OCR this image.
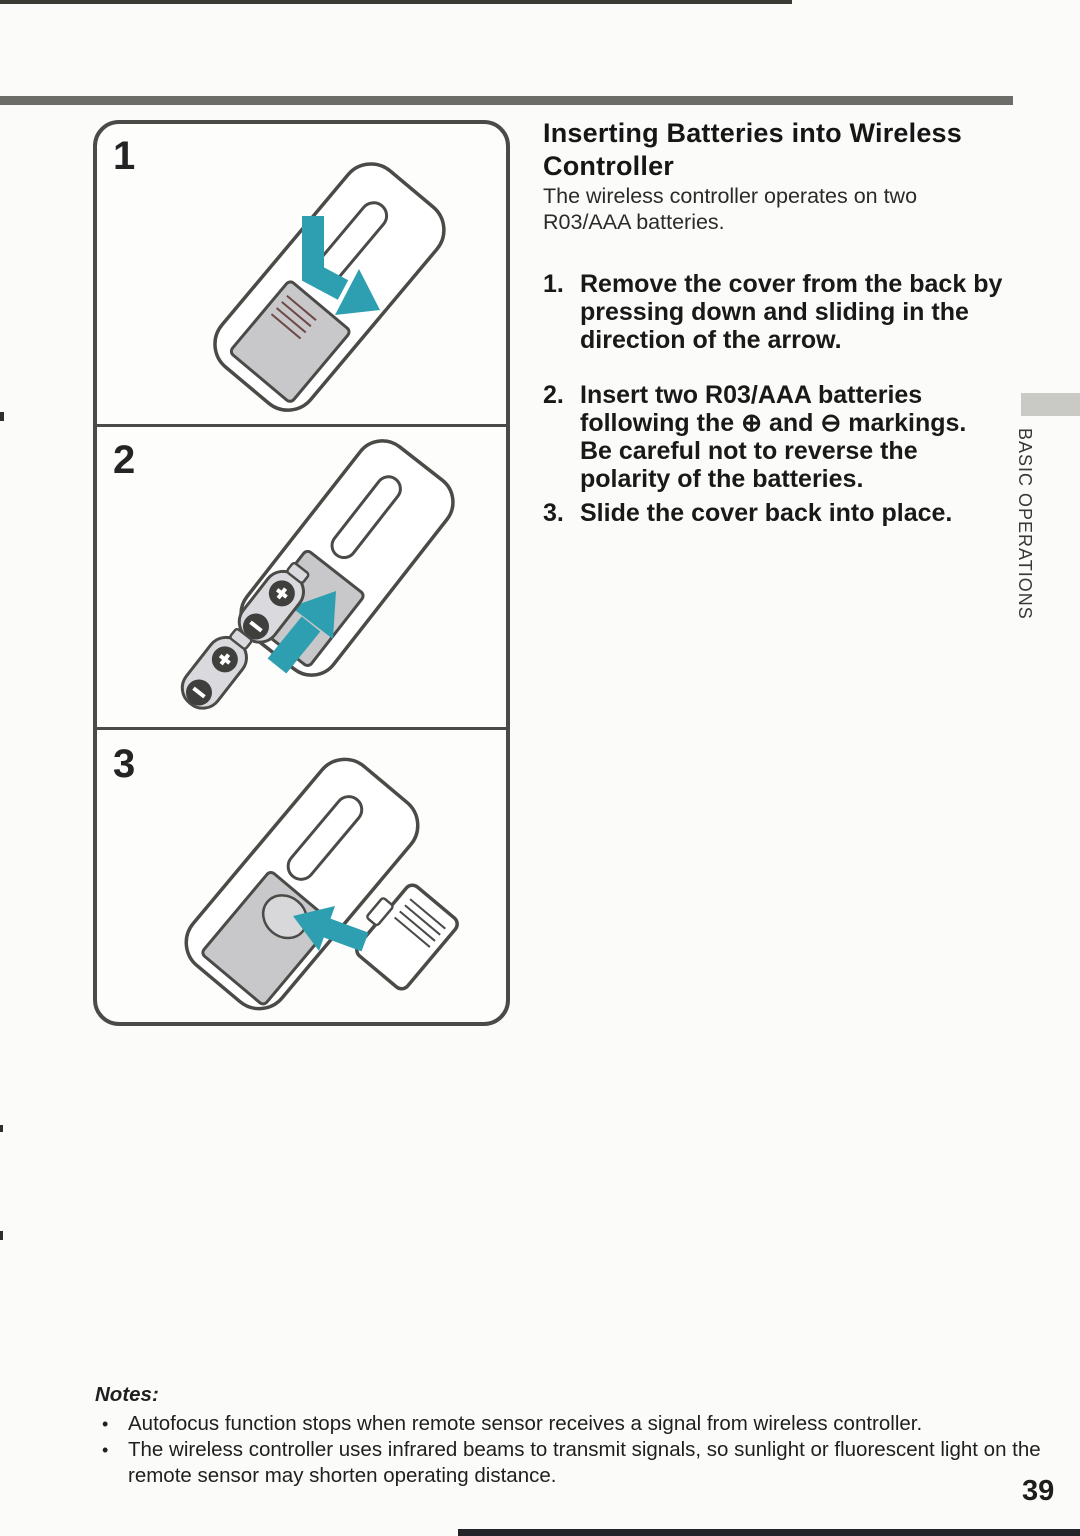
1
2
3
Inserting Batteries into Wireless
Controller
The wireless controller operates on two
R03/AAA batteries.
1. Remove the cover from the back by
pressing down and sliding in the
direction of the arrow.
2. Insert two R03/AAA batteries
following the ⊕ and ⊖ markings.
Be careful not to reverse the
polarity of the batteries.
3. Slide the cover back into place.	BASIC OPERATIONS
Notes:
• Autofocus function stops when remote sensor receives a signal from wireless controller.
• The wireless controller uses infrared beams to transmit signals, so sunlight or fluorescent light on the
remote sensor may shorten operating distance.	39
